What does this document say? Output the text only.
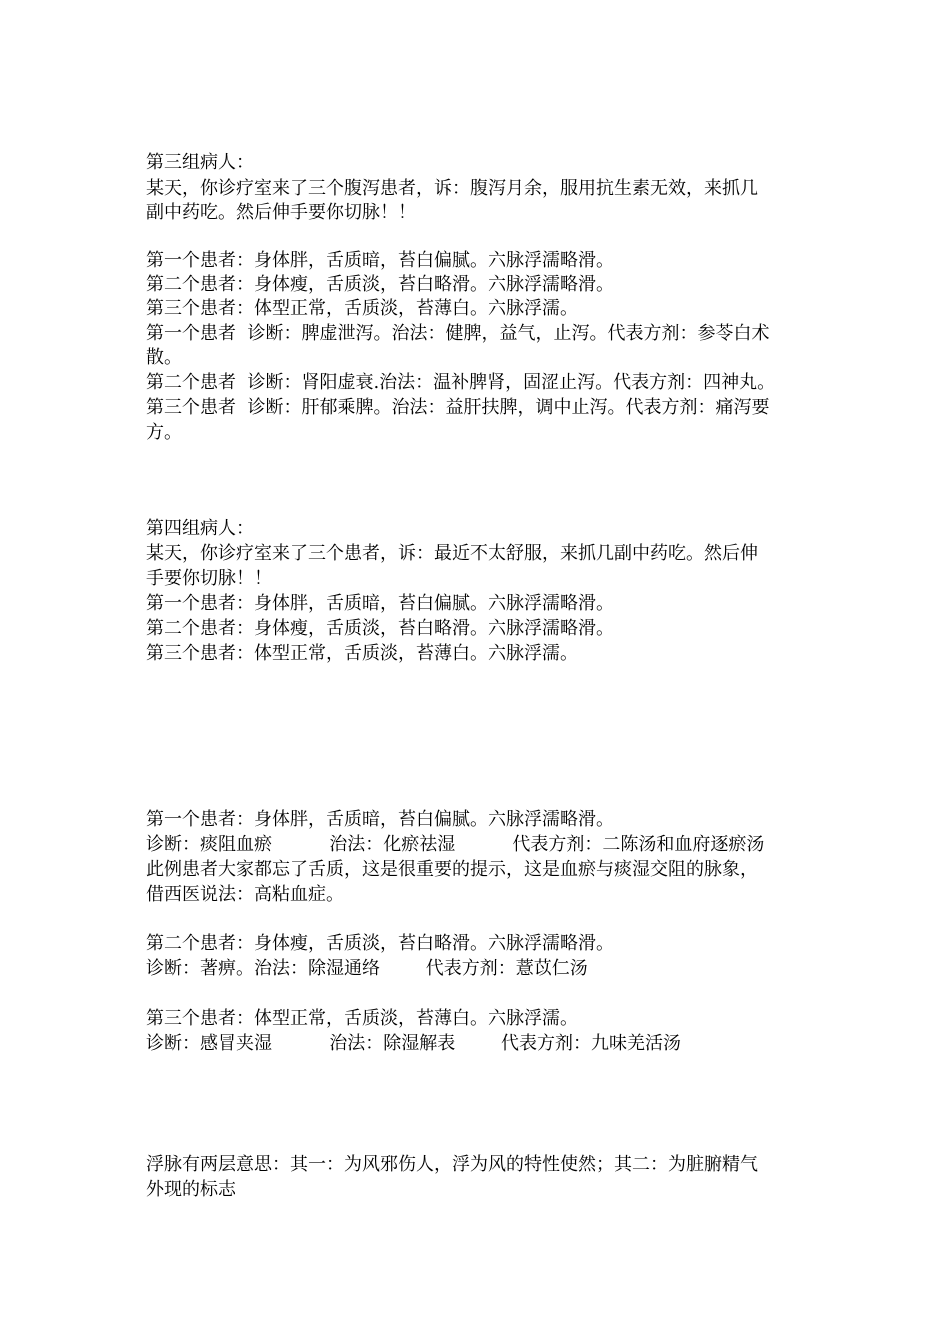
第三组病人：

某天，你诊疗室来了三个腹泻患者，诉：腹泻月余，服用抗生素无效，来抓几

副中药吃。然后伸手要你切脉！！

第一个患者：身体胖，舌质暗，苔白偏腻。六脉浮濡略滑。

第二个患者：身体瘦，舌质淡，苔白略滑。六脉浮濡略滑。

第三个患者：体型正常，舌质淡，苔薄白。六脉浮濡。

第一个患者  诊断：脾虚泄泻。治法：健脾，益气，止泻。代表方剂：参苓白术

散。

第二个患者  诊断：肾阳虚衰.治法：温补脾肾，固涩止泻。代表方剂：四神丸。

第三个患者  诊断：肝郁乘脾。治法：益肝扶脾，调中止泻。代表方剂：痛泻要

方。

第四组病人：

某天，你诊疗室来了三个患者，诉：最近不太舒服，来抓几副中药吃。然后伸

手要你切脉！！

第一个患者：身体胖，舌质暗，苔白偏腻。六脉浮濡略滑。

第二个患者：身体瘦，舌质淡，苔白略滑。六脉浮濡略滑。

第三个患者：体型正常，舌质淡，苔薄白。六脉浮濡。

第一个患者：身体胖，舌质暗，苔白偏腻。六脉浮濡略滑。

诊断：痰阻血瘀          治法：化瘀祛湿          代表方剂：二陈汤和血府逐瘀汤

此例患者大家都忘了舌质，这是很重要的提示，这是血瘀与痰湿交阻的脉象，

借西医说法：高粘血症。

第二个患者：身体瘦，舌质淡，苔白略滑。六脉浮濡略滑。

诊断：著痹。治法：除湿通络        代表方剂：薏苡仁汤

第三个患者：体型正常，舌质淡，苔薄白。六脉浮濡。

诊断：感冒夹湿          治法：除湿解表        代表方剂：九味羌活汤

浮脉有两层意思：其一：为风邪伤人，浮为风的特性使然；其二：为脏腑精气

外现的标志
